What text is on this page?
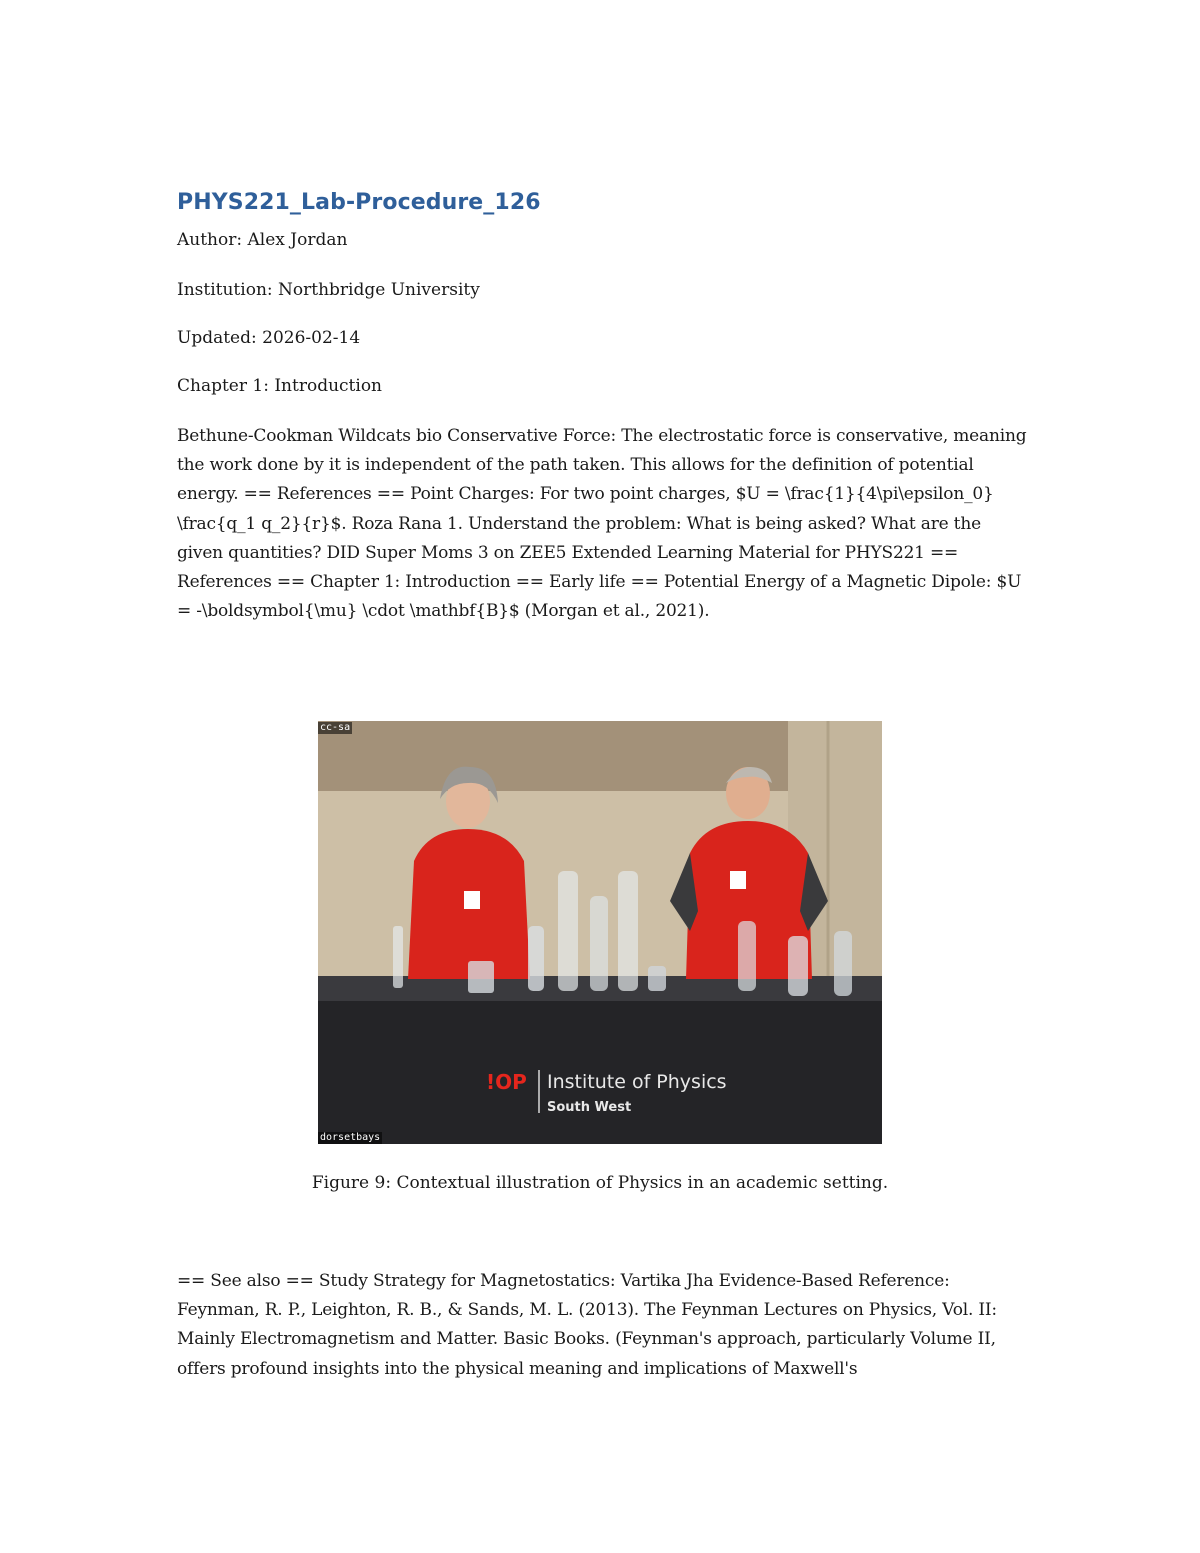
PHYS221_Lab-Procedure_126
Author: Alex Jordan
Institution: Northbridge University
Updated: 2026-02-14
Chapter 1: Introduction
Bethune-Cookman Wildcats bio Conservative Force: The electrostatic force is conservative, meaning the work done by it is independent of the path taken. This allows for the definition of potential energy. == References == Point Charges: For two point charges, $U = \frac{1}{4\pi\epsilon_0} \frac{q_1 q_2}{r}$. Roza Rana 1. Understand the problem: What is being asked? What are the given quantities? DID Super Moms 3 on ZEE5 Extended Learning Material for PHYS221 == References == Chapter 1: Introduction == Early life == Potential Energy of a Magnetic Dipole: $U = -\boldsymbol{\mu} \cdot \mathbf{B}$ (Morgan et al., 2021).
!OP Institute of Physics
South West
cc-sa
dorsetbays
Figure 9: Contextual illustration of Physics in an academic setting.
== See also == Study Strategy for Magnetostatics: Vartika Jha Evidence-Based Reference: Feynman, R. P., Leighton, R. B., & Sands, M. L. (2013). The Feynman Lectures on Physics, Vol. II: Mainly Electromagnetism and Matter. Basic Books. (Feynman's approach, particularly Volume II, offers profound insights into the physical meaning and implications of Maxwell's
